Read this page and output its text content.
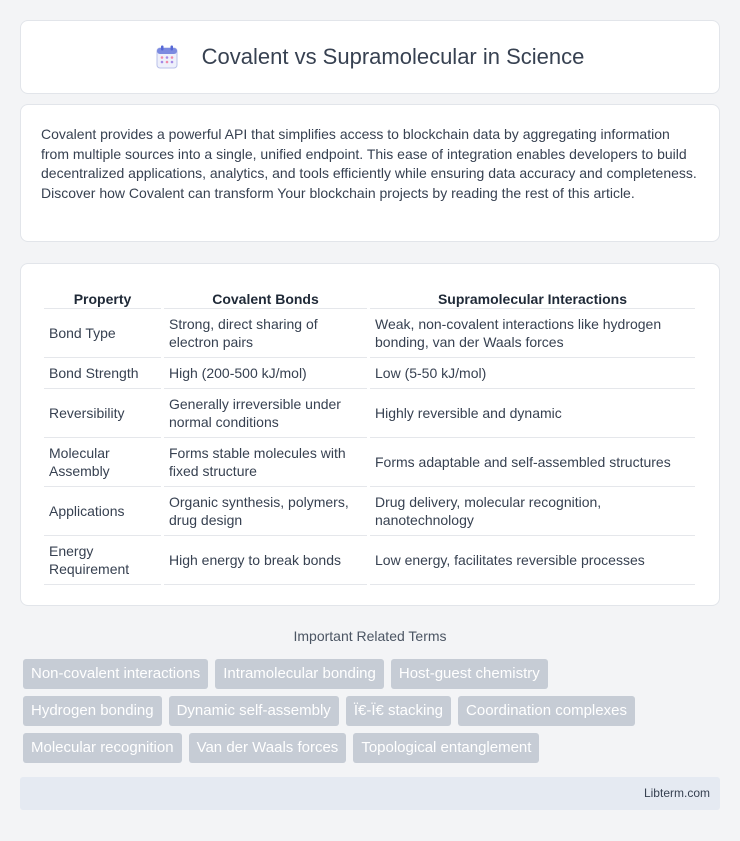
Covalent vs Supramolecular in Science

Covalent provides a powerful API that simplifies access to blockchain data by aggregating information from multiple sources into a single, unified endpoint. This ease of integration enables developers to build decentralized applications, analytics, and tools efficiently while ensuring data accuracy and completeness. Discover how Covalent can transform Your blockchain projects by reading the rest of this article.

Property	Covalent Bonds	Supramolecular Interactions
Bond Type	Strong, direct sharing of electron pairs	Weak, non-covalent interactions like hydrogen bonding, van der Waals forces
Bond Strength	High (200-500 kJ/mol)	Low (5-50 kJ/mol)
Reversibility	Generally irreversible under normal conditions	Highly reversible and dynamic
Molecular Assembly	Forms stable molecules with fixed structure	Forms adaptable and self-assembled structures
Applications	Organic synthesis, polymers, drug design	Drug delivery, molecular recognition, nanotechnology
Energy Requirement	High energy to break bonds	Low energy, facilitates reversible processes
Important Related Terms
Non-covalent interactions	Intramolecular bonding	Host-guest chemistry
Hydrogen bonding	Dynamic self-assembly	Ï€-Ï€ stacking	Coordination complexes
Molecular recognition	Van der Waals forces	Topological entanglement
Libterm.com
